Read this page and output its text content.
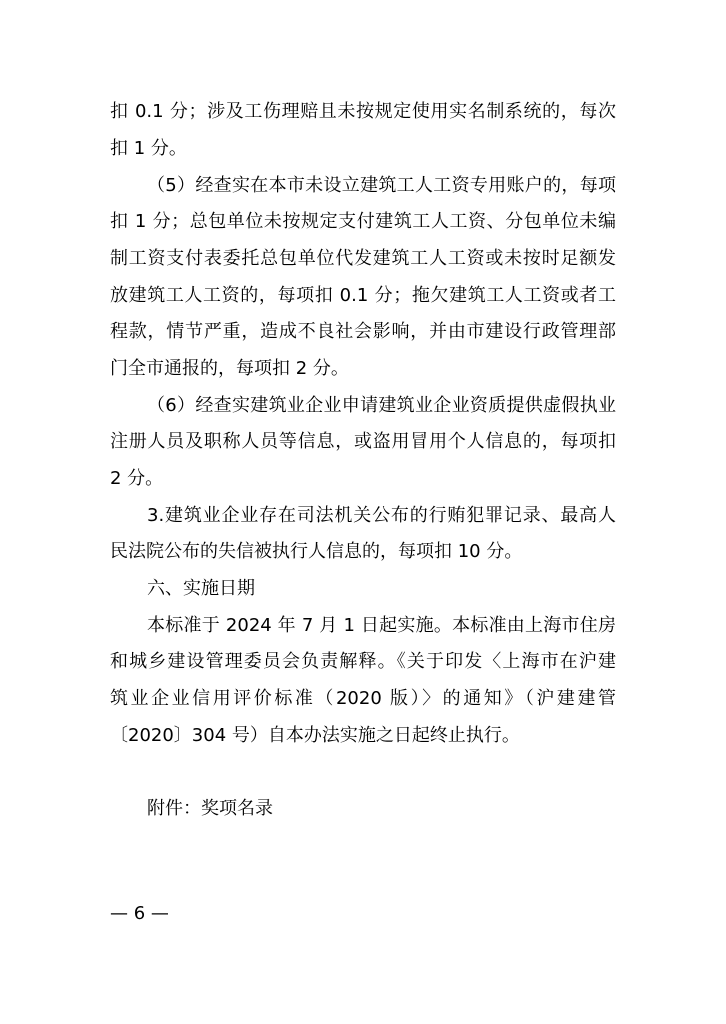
扣 0.1 分；涉及工伤理赔且未按规定使用实名制系统的，每次
扣 1 分。
（5）经查实在本市未设立建筑工人工资专用账户的，每项
扣 1 分；总包单位未按规定支付建筑工人工资、分包单位未编
制工资支付表委托总包单位代发建筑工人工资或未按时足额发
放建筑工人工资的，每项扣 0.1 分；拖欠建筑工人工资或者工
程款，情节严重，造成不良社会影响，并由市建设行政管理部
门全市通报的，每项扣 2 分。
（6）经查实建筑业企业申请建筑业企业资质提供虚假执业
注册人员及职称人员等信息，或盗用冒用个人信息的，每项扣
2 分。
3.建筑业企业存在司法机关公布的行贿犯罪记录、最高人
民法院公布的失信被执行人信息的，每项扣 10 分。
六、实施日期
本标准于 2024 年 7 月 1 日起实施。本标准由上海市住房
和城乡建设管理委员会负责解释。《关于印发〈上海市在沪建
筑业企业信用评价标准（2020 版）〉的通知》（沪建建管
〔2020〕304 号）自本办法实施之日起终止执行。
附件：奖项名录
— 6 —
